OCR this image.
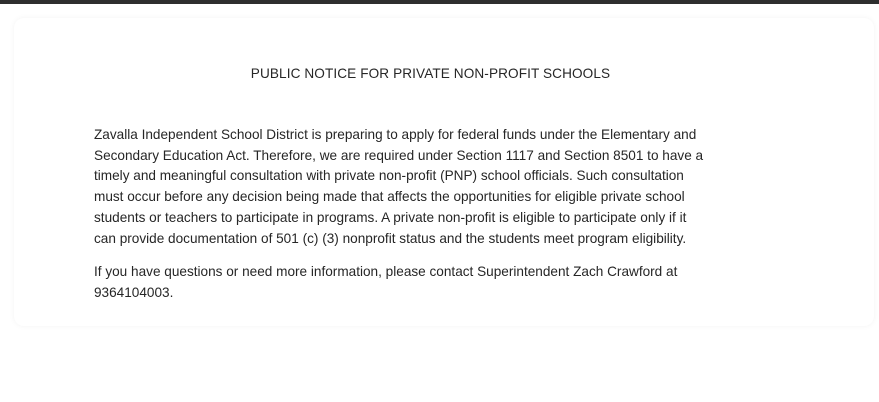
PUBLIC NOTICE FOR PRIVATE NON-PROFIT SCHOOLS
Zavalla Independent School District is preparing to apply for federal funds under the Elementary and
Secondary Education Act. Therefore, we are required under Section 1117 and Section 8501 to have a
timely and meaningful consultation with private non-profit (PNP) school officials. Such consultation
must occur before any decision being made that affects the opportunities for eligible private school
students or teachers to participate in programs. A private non-profit is eligible to participate only if it
can provide documentation of 501 (c) (3) nonprofit status and the students meet program eligibility.
If you have questions or need more information, please contact Superintendent Zach Crawford at
9364104003.
